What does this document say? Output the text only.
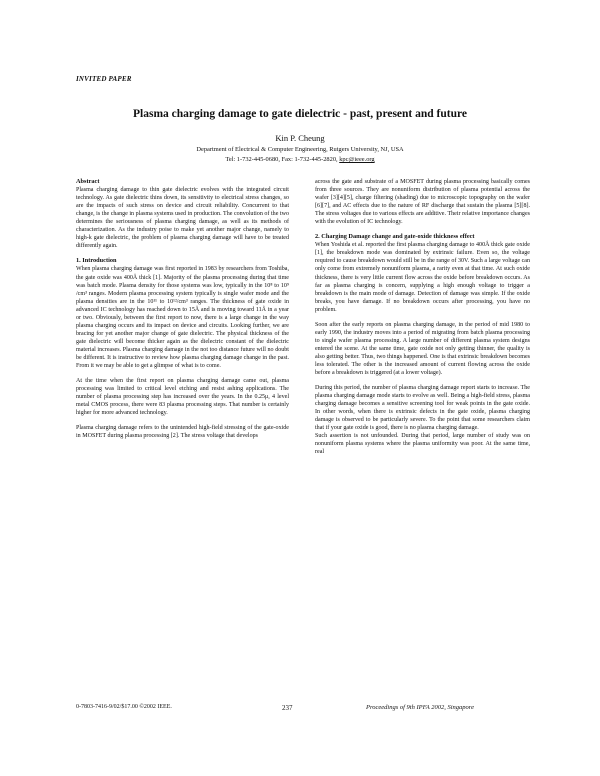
INVITED PAPER
Plasma charging damage to gate dielectric - past, present and future
Kin P. Cheung
Department of Electrical & Computer Engineering, Rutgers University, NJ, USA
Tel: 1-732-445-0680, Fax: 1-732-445-2820, kpc@ieee.org
Abstract

Plasma charging damage to thin gate dielectric evolves with the integrated circuit technology. As gate dielectric thins down, its sensitivity to electrical stress changes, so are the impacts of such stress on device and circuit reliability. Concurrent to that change, is the change in plasma systems used in production. The convolution of the two determines the seriousness of plasma charging damage, as well as its methods of characterization. As the industry poise to make yet another major change, namely to high-k gate dielectric, the problem of plasma charging damage will have to be treated differently again.

1. Introduction

When plasma charging damage was first reported in 1983 by researchers from Toshiba, the gate oxide was 400Å thick [1]. Majority of the plasma processing during that time was batch mode. Plasma density for those systems was low, typically in the 10⁸ to 10⁹ /cm³ ranges. Modern plasma processing system typically is single wafer mode and the plasma densities are in the 10¹¹ to 10¹²/cm³ ranges. The thickness of gate oxide in advanced IC technology has reached down to 15Å and is moving toward 11Å in a year or two. Obviously, between the first report to now, there is a large change in the way plasma charging occurs and its impact on device and circuits. Looking further, we are bracing for yet another major change of gate dielectric. The physical thickness of the gate dielectric will become thicker again as the dielectric constant of the dielectric material increases. Plasma charging damage in the not too distance future will no doubt be different. It is instructive to review how plasma charging damage change in the past. From it we may be able to get a glimpse of what is to come.

At the time when the first report on plasma charging damage came out, plasma processing was limited to critical level etching and resist ashing applications. The number of plasma processing step has increased over the years. In the 0.25μ, 4 level metal CMOS process, there were 83 plasma processing steps. That number is certainly higher for more advanced technology.

Plasma charging damage refers to the unintended high-field stressing of the gate-oxide in MOSFET during plasma processing [2]. The stress voltage that develops

across the gate and substrate of a MOSFET during plasma processing basically comes from three sources. They are nonuniform distribution of plasma potential across the wafer [3][4][5], charge filtering (shading) due to microscopic topography on the wafer [6][7], and AC effects due to the nature of RF discharge that sustain the plasma [5][8]. The stress voltages due to various effects are additive. Their relative importance changes with the evolution of IC technology.

2. Charging Damage change and gate-oxide thickness effect

When Yoshida et al. reported the first plasma charging damage to 400Å thick gate oxide [1], the breakdown mode was dominated by extrinsic failure. Even so, the voltage required to cause breakdown would still be in the range of 30V. Such a large voltage can only come from extremely nonuniform plasma, a rarity even at that time. At such oxide thickness, there is very little current flow across the oxide before breakdown occurs. As far as plasma charging is concern, supplying a high enough voltage to trigger a breakdown is the main mode of damage. Detection of damage was simple. If the oxide breaks, you have damage. If no breakdown occurs after processing, you have no problem.

Soon after the early reports on plasma charging damage, in the period of mid 1980 to early 1990, the industry moves into a period of migrating from batch plasma processing to single wafer plasma processing. A large number of different plasma system designs entered the scene. At the same time, gate oxide not only getting thinner, the quality is also getting better. Thus, two things happened. One is that extrinsic breakdown becomes less tolerated. The other is the increased amount of current flowing across the oxide before a breakdown is triggered (at a lower voltage).

During this period, the number of plasma charging damage report starts to increase. The plasma charging damage mode starts to evolve as well. Being a high-field stress, plasma charging damage becomes a sensitive screening tool for weak points in the gate oxide. In other words, when there is extrinsic defects in the gate oxide, plasma charging damage is observed to be particularly severe. To the point that some researchers claim that if your gate oxide is good, there is no plasma charging damage.

Such assertion is not unfounded. During that period, large number of study was on nonuniform plasma systems where the plasma uniformity was poor. At the same time, real

0-7803-7416-9/02/$17.00 ©2002 IEEE.	237	Proceedings of 9th IPFA 2002, Singapore
